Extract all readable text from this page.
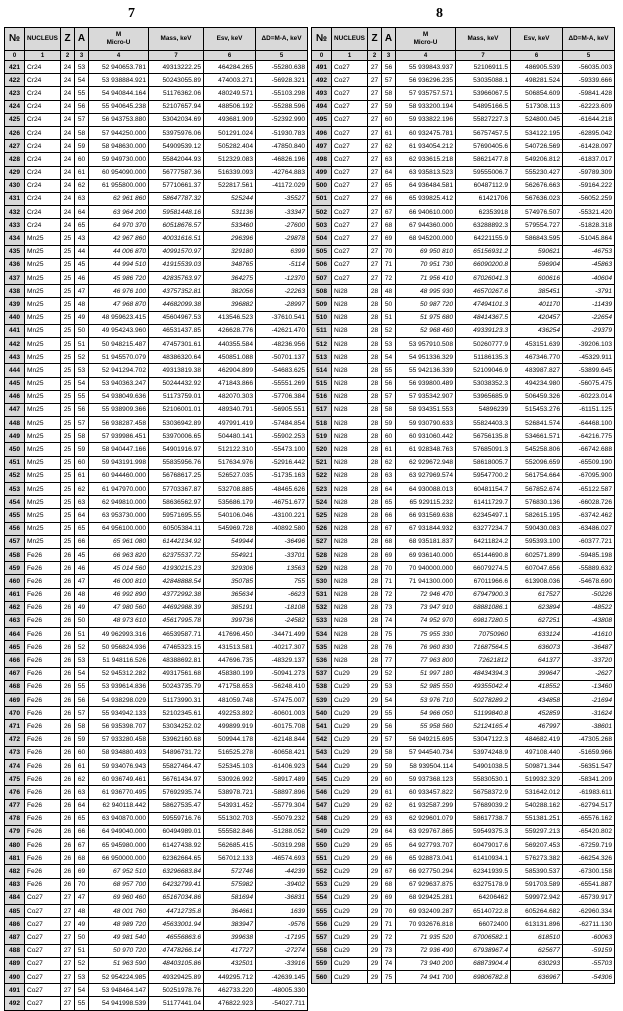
7	8
№	NUCLEUS	Z	A	M
Micro-U	Mass, keV	Eѕv, keV	ΔD=M-A, keV
0	1	2	3	4	7	6	5
421	Cr24	24	53	52 940653.781	49313222.25	464284.265	-55280.638
422	Cr24	24	54	53 938884.921	50243055.89	474003.271	-56928.321
423	Cr24	24	55	54 940844.164	51176362.06	480249.571	-55103.298
424	Cr24	24	56	55 940645.238	52107657.94	488506.192	-55288.596
425	Cr24	24	57	56 943753.880	53042034.69	493681.909	-52392.990
426	Cr24	24	58	57 944250.000	53975976.06	501291.024	-51930.783
427	Cr24	24	59	58 948630.000	54909539.12	505282.404	-47850.840
428	Cr24	24	60	59 949730.000	55842044.93	512329.083	-46826.196
429	Cr24	24	61	60 954090.000	56777587.36	516339.093	-42764.883
430	Cr24	24	62	61 955800.000	57710661.37	522817.561	-41172.029
431	Cr24	24	63	62 961 860	58647787.32	525244	-35527
432	Cr24	24	64	63 964 200	59581448.16	531136	-33347
433	Cr24	24	65	64 970 370	60518676.57	533460	-27600
434	Mn25	25	43	42 967 860	40031616.51	296396	-29878
435	Mn25	25	44	44 006 870	40991570.97	329180	6399
436	Mn25	25	45	44 994 510	41915539.03	348765	-5114
437	Mn25	25	46	45 986 720	42835763.97	364275	-12370
438	Mn25	25	47	46 976 100	43757352.81	382056	-22263
439	Mn25	25	48	47 968 870	44682099.38	396882	-28997
440	Mn25	25	49	48 959623.415	45604967.53	413546.523	-37610.541
441	Mn25	25	50	49 954243.960	46531437.85	426628.776	-42621.470
442	Mn25	25	51	50 948215.487	47457301.61	440355.584	-48236.956
443	Mn25	25	52	51 945570.079	48386320.64	450851.088	-50701.137
444	Mn25	25	53	52 941294.702	49313819.38	462904.899	-54683.625
445	Mn25	25	54	53 940363.247	50244432.92	471843.866	-55551.269
446	Mn25	25	55	54 938049.636	51173759.01	482070.303	-57706.384
447	Mn25	25	56	55 938909.366	52106001.01	489340.791	-56905.551
448	Mn25	25	57	56 938287.458	53036942.89	497991.419	-57484.854
449	Mn25	25	58	57 939986.451	53970006.65	504480.141	-55902.253
450	Mn25	25	59	58 940447.166	54901916.97	512122.310	-55473.100
451	Mn25	25	60	59 943191.998	55835956.76	517634.976	-52916.442
452	Mn25	25	61	60 944460.000	56768617.25	526527.035	-51735.163
453	Mn25	25	62	61 947970.000	57703367.87	532708.885	-48465.626
454	Mn25	25	63	62 949810.000	58636562.97	535686.179	-46751.677
455	Mn25	25	64	63 953730.000	59571695.55	540106.046	-43100.221
456	Mn25	25	65	64 956100.000	60505384.11	545969.728	-40892.580
457	Mn25	25	66	65 961 080	61442134.92	549944	-36496
458	Fe26	26	45	66 963 820	62375537.72	554921	-33701
459	Fe26	26	46	45 014 560	41930215.23	329306	13563
460	Fe26	26	47	46 000 810	42848888.54	350785	755
461	Fe26	26	48	46 992 890	43772992.38	365634	-6623
462	Fe26	26	49	47 980 560	44692988.39	385191	-18108
463	Fe26	26	50	48 973 610	45617995.78	399736	-24582
464	Fe26	26	51	49 962993.316	46539587.71	417696.450	-34471.499
465	Fe26	26	52	50 956824.936	47465323.15	431513.581	-40217.307
466	Fe26	26	53	51 948116.526	48388692.81	447696.735	-48329.137
467	Fe26	26	54	52 945312.282	49317561.68	458380.199	-50941.273
468	Fe26	26	55	53 939614.836	50243735.79	471758.653	-56248.410
469	Fe26	26	56	54 938298.029	51173990.31	481059.748	-57475.007
470	Fe26	26	57	55 934942.133	52102345.61	492253.892	-60601.003
471	Fe26	26	58	56 935398.707	53034252.02	499899.919	-60175.708
472	Fe26	26	59	57 933280.458	53962160.68	509944.178	-62148.844
473	Fe26	26	60	58 934880.493	54896731.72	516525.278	-60658.421
474	Fe26	26	61	59 934076.943	55827464.47	525345.103	-61406.923
475	Fe26	26	62	60 936749.461	56761434.97	530926.992	-58917.489
476	Fe26	26	63	61 936770.495	57692935.74	538978.721	-58897.896
477	Fe26	26	64	62 940118.442	58627535.47	543931.452	-55779.304
478	Fe26	26	65	63 940870.000	59559716.76	551302.703	-55079.232
479	Fe26	26	66	64 949040.000	60494989.01	555582.846	-51288.052
480	Fe26	26	67	65 945980.000	61427438.92	562685.415	-50319.298
481	Fe26	26	68	66 950000.000	62362664.65	567012.133	-46574.693
482	Fe26	26	69	67 952 510	63296683.84	572746	-44239
483	Fe26	26	70	68 957 700	64232799.41	575982	-39402
484	Co27	27	47	69 960 460	65167034.86	581694	-36831
485	Co27	27	48	48 001 760	44712735.8	364661	1639
486	Co27	27	49	48 989 720	45633001.94	383947	-9576
487	Co27	27	50	49 981 540	46556863.6	399638	-17195
488	Co27	27	51	50 970 720	47478266.14	417727	-27274
489	Co27	27	52	51 963 590	48403105.86	432501	-33916
490	Co27	27	53	52 954224.985	49329425.89	449295.712	-42639.145
491	Co27	27	54	53 948464.147	50251978.76	462733.220	-48005.330
492	Co27	27	55	54 941998.539	51177441.04	476822.923	-54027.711
№	NUCLEUS	Z	A	M
Micro-U	Mass, keV	Eѕv, keV	ΔD=M-A, keV
0	1	2	3	4	7	6	5
491	Co27	27	56	55 939843.937	52106911.5	486905.539	-56035.003
492	Co27	27	57	56 936296.235	53035088.1	498281.524	-59339.666
493	Co27	27	58	57 935757.571	53966067.5	506854.609	-59841.428
494	Co27	27	59	58 933200.194	54895166.5	517308.113	-62223.609
495	Co27	27	60	59 933822.196	55827227.3	524800.045	-61644.218
496	Co27	27	61	60 932475.781	56757457.5	534122.195	-62895.042
497	Co27	27	62	61 934054.212	57690405.6	540726.569	-61428.097
498	Co27	27	63	62 933615.218	58621477.8	549206.812	-61837.017
499	Co27	27	64	63 935813.523	59555006.7	555230.427	-59789.309
500	Co27	27	65	64 936484.581	60487112.9	562676.663	-59164.222
501	Co27	27	66	65 939825.412	61421706	567636.023	-56052.259
502	Co27	27	67	66 940610.000	62353918	574976.507	-55321.420
503	Co27	27	68	67 944360.000	63288892.3	579554.727	-51828.318
504	Co27	27	69	68 945200.000	64221155.9	586843.595	-51045.864
505	Co27	27	70	69 950 810	65156931.2	590621	-46753
506	Co27	27	71	70 951 730	66090200.8	596904	-45863
507	Co27	27	72	71 956 410	67026041.3	600616	-40604
508	Ni28	28	48	48 995 930	46570267.6	385451	-3791
509	Ni28	28	50	50 987 720	47494101.3	401170	-11439
510	Ni28	28	51	51 975 680	48414367.5	420457	-22654
511	Ni28	28	52	52 968 460	49339123.3	436254	-29379
512	Ni28	28	53	53 957910.508	50260777.9	453151.639	-39206.103
513	Ni28	28	54	54 951336.329	51186135.3	467346.770	-45329.911
514	Ni28	28	55	55 942136.339	52109046.9	483987.827	-53899.645
515	Ni28	28	56	56 939800.489	53038352.3	494234.980	-56075.475
516	Ni28	28	57	57 935342.907	53965685.9	506459.326	-60223.014
517	Ni28	28	58	58 934351.553	54896239	515453.276	-61151.125
518	Ni28	28	59	59 930790.633	55824403.3	526841.574	-64468.100
519	Ni28	28	60	60 931060.442	56756135.8	534661.571	-64216.775
520	Ni28	28	61	61 928348.763	57685091.3	545258.806	-66742.688
521	Ni28	28	62	62 929672.948	58618005.7	552096.659	-65509.190
522	Ni28	28	63	63 927969.574	59547700.2	561754.664	-67095.900
523	Ni28	28	64	64 930088.013	60481154.7	567852.674	-65122.587
524	Ni28	28	65	65 929115.232	61411729.7	576830.136	-66028.726
525	Ni28	28	66	66 931569.638	62345497.1	582615.195	-63742.462
526	Ni28	28	67	67 931844.932	63277234.7	590430.083	-63486.027
527	Ni28	28	68	68 935181.837	64211824.2	595393.100	-60377.721
528	Ni28	28	69	69 936140.000	65144690.8	602571.899	-59485.198
529	Ni28	28	70	70 940000.000	66079274.5	607047.656	-55889.632
530	Ni28	28	71	71 941300.000	67011966.6	613908.036	-54678.690
531	Ni28	28	72	72 946 470	67947900.3	617527	-50226
532	Ni28	28	73	73 947 910	68881086.1	623894	-48522
533	Ni28	28	74	74 952 970	69817280.5	627251	-43808
534	Ni28	28	75	75 955 330	70750960	633124	-41610
535	Ni28	28	76	76 960 830	71687564.5	636073	-36487
536	Ni28	28	77	77 963 800	72621812	641377	-33720
537	Cu29	29	52	51 997 180	48434394.3	399647	-2627
538	Cu29	29	53	52 985 550	49355042.4	418552	-13460
539	Cu29	29	54	53 976 710	50278289.2	434858	-21694
540	Cu29	29	55	54 966 050	51199840.8	452859	-31624
541	Cu29	29	56	55 958 560	52124165.4	467997	-38601
542	Cu29	29	57	56 949215.695	53047122.3	484682.419	-47305.268
543	Cu29	29	58	57 944540.734	53974248.9	497108.440	-51659.966
544	Cu29	29	59	58 939504.114	54901038.5	509871.344	-56351.547
545	Cu29	29	60	59 937368.123	55830530.1	519932.329	-58341.209
546	Cu29	29	61	60 933457.822	56758372.9	531642.012	-61983.611
547	Cu29	29	62	61 932587.299	57689039.2	540288.162	-62794.517
548	Cu29	29	63	62 929601.079	58617738.7	551381.251	-65576.162
549	Cu29	29	64	63 929767.865	59549375.3	559297.213	-65420.802
550	Cu29	29	65	64 927793.707	60479017.6	569207.453	-67259.719
551	Cu29	29	66	65 928873.041	61410934.1	576273.382	-66254.326
552	Cu29	29	67	66 927750.294	62341939.5	585390.537	-67300.158
553	Cu29	29	68	67 929637.875	63275178.9	591703.589	-65541.887
554	Cu29	29	69	68 929425.281	64206462	599972.942	-65739.917
555	Cu29	29	70	69 932409.287	65140722.8	605264.682	-62960.334
556	Cu29	29	71	70 932676.818	66072400	613131.896	-62711.130
557	Cu29	29	72	71 935 520	67006582.1	618510	-60063
558	Cu29	29	73	72 936 490	67938967.4	625677	-59159
559	Cu29	29	74	73 940 200	68873904.4	630293	-55703
560	Cu29	29	75	74 941 700	69806782.8	636967	-54306
